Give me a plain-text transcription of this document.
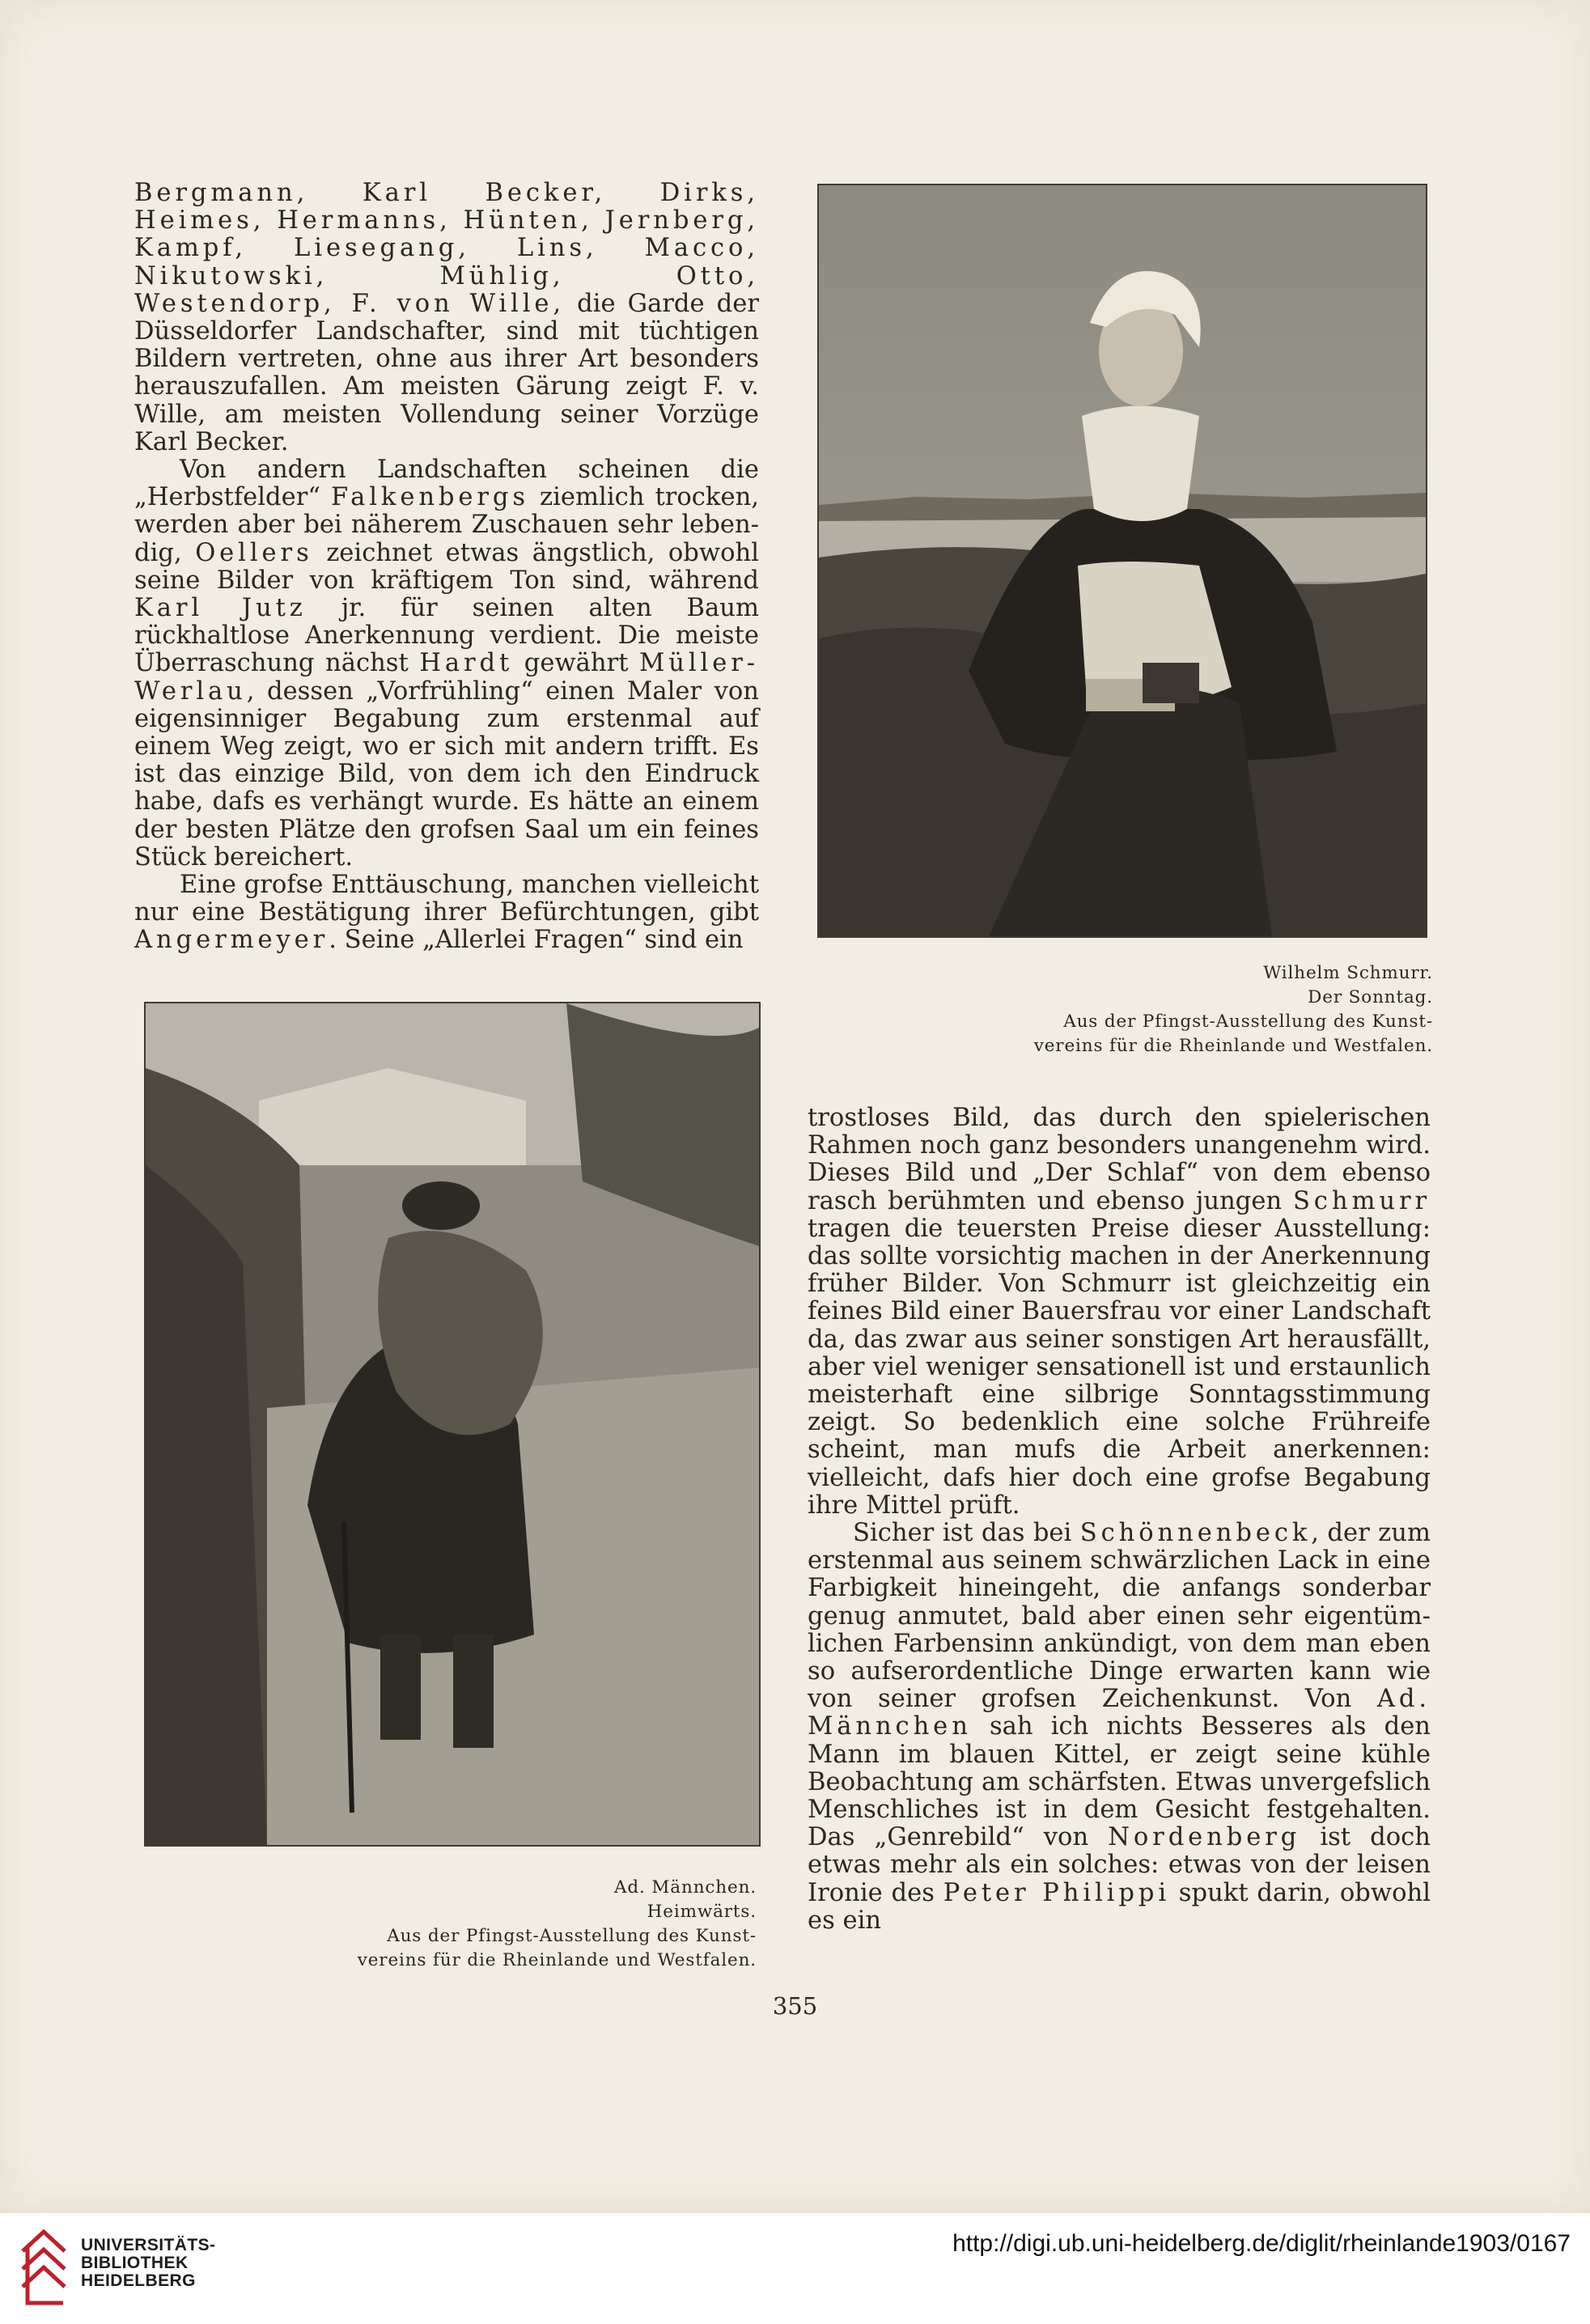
Bergmann, Karl Becker, Dirks, Heimes, Hermanns, Hünten, Jernberg, Kampf, Liesegang, Lins, Macco, Nikutowski, Mühlig, Otto, Westendorp, F. von Wille, die Garde der Düsseldorfer Landschafter, sind mit tüchtigen Bildern vertreten, ohne aus ihrer Art besonders herauszufallen. Am meisten Gärung zeigt F. v. Wille, am meisten Vollendung seiner Vorzüge Karl Becker.

Von andern Landschaften scheinen die „Herbstfelder“ Falkenbergs ziemlich trocken, werden aber bei näherem Zuschauen sehr lebendig, Oellers zeichnet etwas ängstlich, obwohl seine Bilder von kräftigem Ton sind, während Karl Jutz jr. für seinen alten Baum rückhaltlose Anerkennung verdient. Die meiste Überraschung nächst Hardt gewährt Müller-Werlau, dessen „Vorfrühling“ einen Maler von eigensinniger Begabung zum erstenmal auf einem Weg zeigt, wo er sich mit andern trifft. Es ist das einzige Bild, von dem ich den Eindruck habe, dafs es verhängt wurde. Es hätte an einem der besten Plätze den grofsen Saal um ein feines Stück bereichert.

Eine grofse Enttäuschung, manchen vielleicht nur eine Bestätigung ihrer Befürchtungen, gibt Angermeyer. Seine „Allerlei Fragen“ sind ein

Wilhelm Schmurr.
Der Sonntag.
Aus der Pfingst-Ausstellung des Kunst-
vereins für die Rheinlande und Westfalen.
Ad. Männchen.
Heimwärts.
Aus der Pfingst-Ausstellung des Kunst-
vereins für die Rheinlande und Westfalen.

trostloses Bild, das durch den spielerischen Rahmen noch ganz besonders unangenehm wird. Dieses Bild und „Der Schlaf“ von dem ebenso rasch berühmten und ebenso jungen Schmurr tragen die teuersten Preise dieser Ausstellung: das sollte vorsichtig machen in der Anerkennung früher Bilder. Von Schmurr ist gleichzeitig ein feines Bild einer Bauersfrau vor einer Landschaft da, das zwar aus seiner sonstigen Art herausfällt, aber viel weniger sensationell ist und erstaunlich meisterhaft eine silbrige Sonntagsstimmung zeigt. So bedenklich eine solche Frühreife scheint, man mufs die Arbeit anerkennen: vielleicht, dafs hier doch eine grofse Begabung ihre Mittel prüft.

Sicher ist das bei Schönnenbeck, der zum erstenmal aus seinem schwärzlichen Lack in eine Farbigkeit hineingeht, die anfangs sonderbar genug anmutet, bald aber einen sehr eigentümlichen Farbensinn ankündigt, von dem man eben so aufserordentliche Dinge erwarten kann wie von seiner grofsen Zeichenkunst. Von Ad. Männchen sah ich nichts Besseres als den Mann im blauen Kittel, er zeigt seine kühle Beobachtung am schärfsten. Etwas unvergefslich Menschliches ist in dem Gesicht festgehalten. Das „Genrebild“ von Nordenberg ist doch etwas mehr als ein solches: etwas von der leisen Ironie des Peter Philippi spukt darin, obwohl es ein

355
UNIVERSITÄTS-
BIBLIOTHEK
HEIDELBERG
http://digi.ub.uni-heidelberg.de/diglit/rheinlande1903/0167
